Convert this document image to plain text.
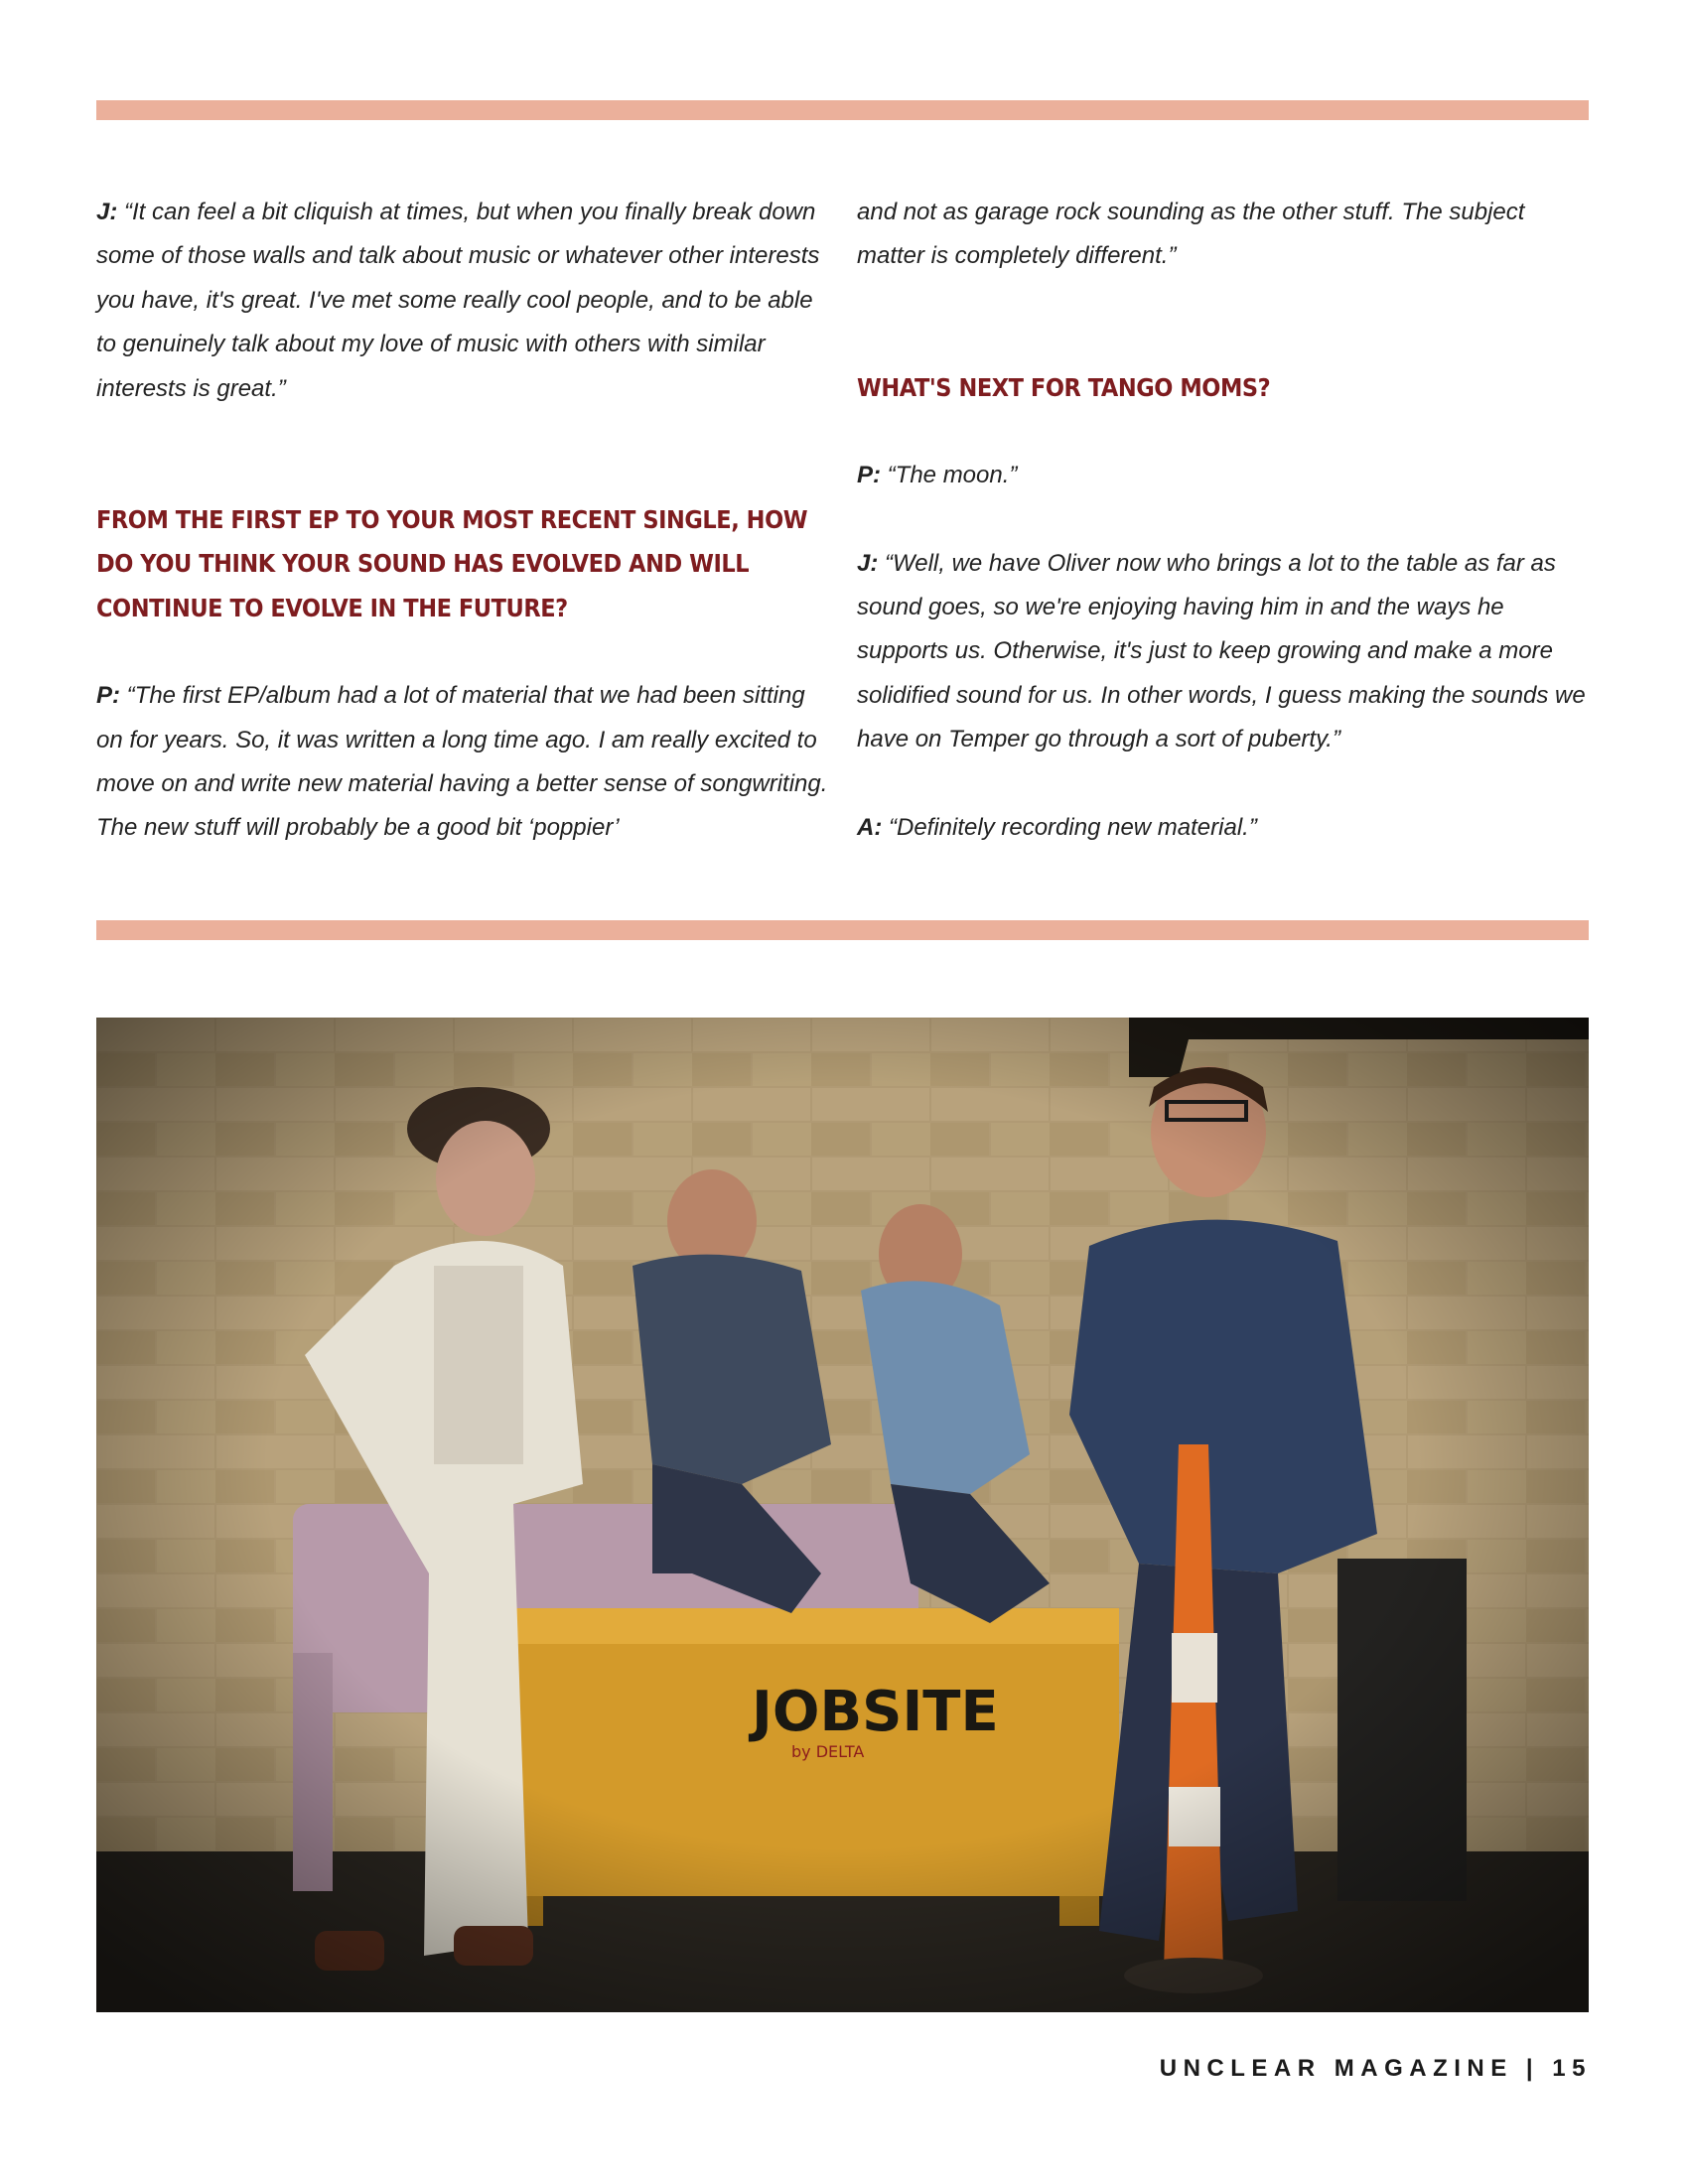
J: “It can feel a bit cliquish at times, but when you finally break down some of those walls and talk about music or whatever other interests you have, it's great. I've met some really cool people, and to be able to genuinely talk about my love of music with others with similar interests is great.”

FROM THE FIRST EP TO YOUR MOST RECENT SINGLE, HOW DO YOU THINK YOUR SOUND HAS EVOLVED AND WILL CONTINUE TO EVOLVE IN THE FUTURE?

P: “The first EP/album had a lot of material that we had been sitting on for years. So, it was written a long time ago. I am really excited to move on and write new material having a better sense of songwriting. The new stuff will probably be a good bit ‘poppier’

and not as garage rock sounding as the other stuff. The subject matter is completely different.”

WHAT'S NEXT FOR TANGO MOMS?

P: “The moon.”

J: “Well, we have Oliver now who brings a lot to the table as far as sound goes, so we're enjoying having him in and the ways he supports us. Otherwise, it's just to keep growing and make a more solidified sound for us. In other words, I guess making the sounds we have on Temper go through a sort of puberty.”

A: “Definitely recording new material.”

UNCLEAR MAGAZINE | 15
